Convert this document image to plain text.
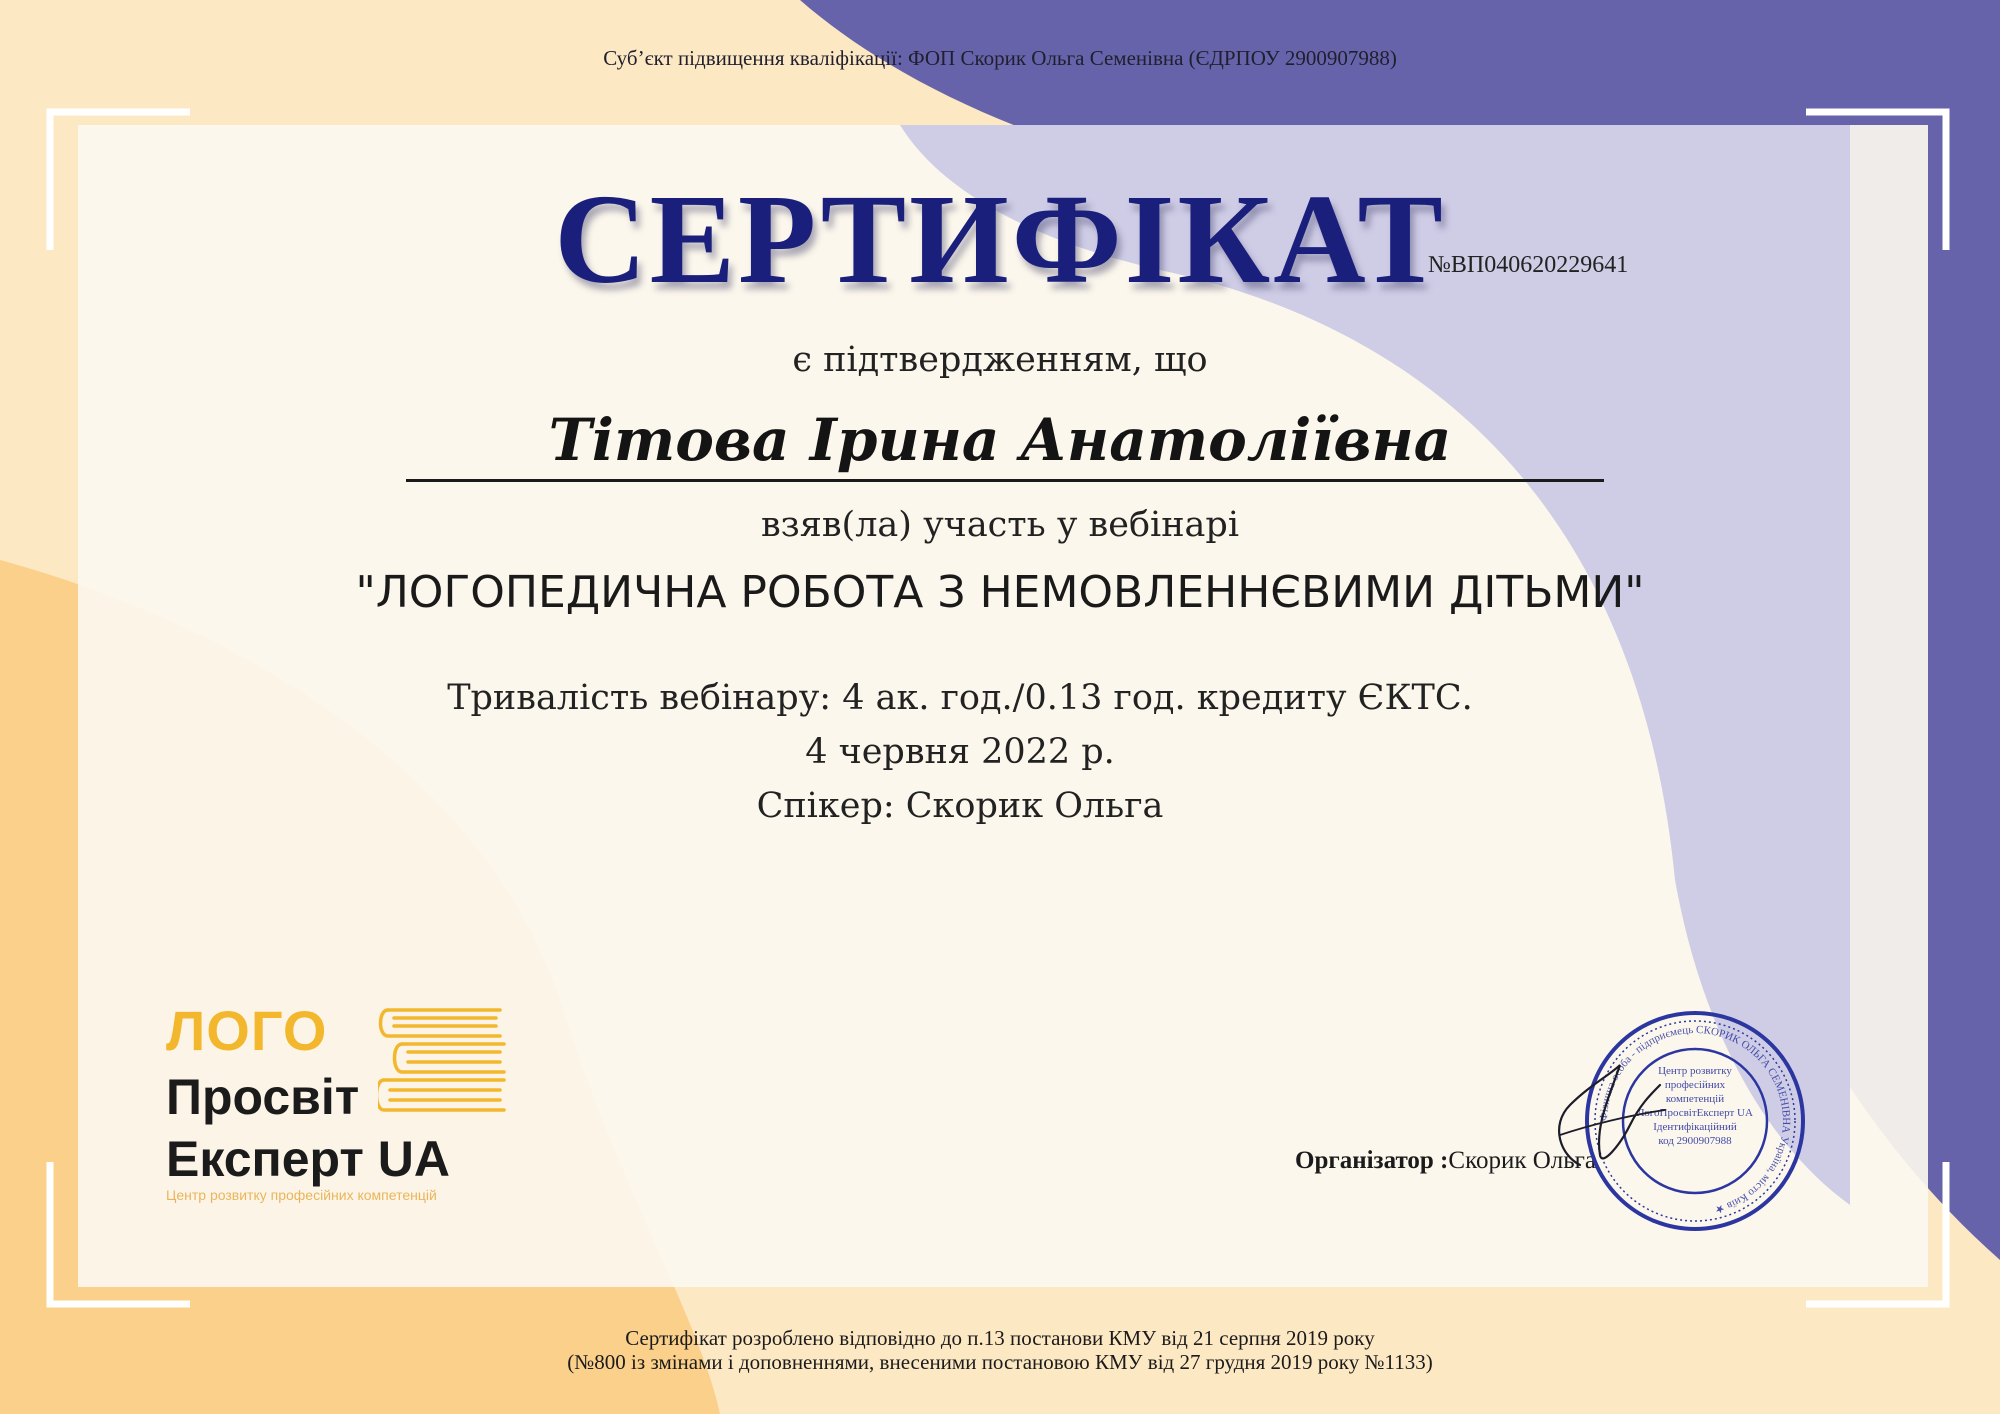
Суб’єкт підвищення кваліфікації: ФОП Скорик Ольга Семенівна (ЄДРПОУ 2900907988)
СЕРТИФІКАТ
№ВП040620229641
є підтвердженням, що
Тітова Ірина Анатоліївна
взяв(ла) участь у вебінарі
"ЛОГОПЕДИЧНА РОБОТА З НЕМОВЛЕННЄВИМИ ДІТЬМИ"
Тривалість вебінару: 4 ак. год./0.13 год. кредиту ЄКТС.
4 червня 2022 р.
Спікер: Скорик Ольга
ЛОГО
Просвіт
Експерт UA
Центр розвитку професійних компетенцій
Організатор :Скорик Ольга
Фізична особа - підприємець СКОРИК ОЛЬГА СЕМЕНІВНА Україна, місто Київ ★
Центр розвитку
професійних
компетенцій
ЛогоПросвітЕксперт UA
Ідентифікаційний
код 2900907988
Сертифікат розроблено відповідно до п.13 постанови КМУ від 21 серпня 2019 року
(№800 із змінами і доповненнями, внесеними постановою КМУ від 27 грудня 2019 року №1133)
